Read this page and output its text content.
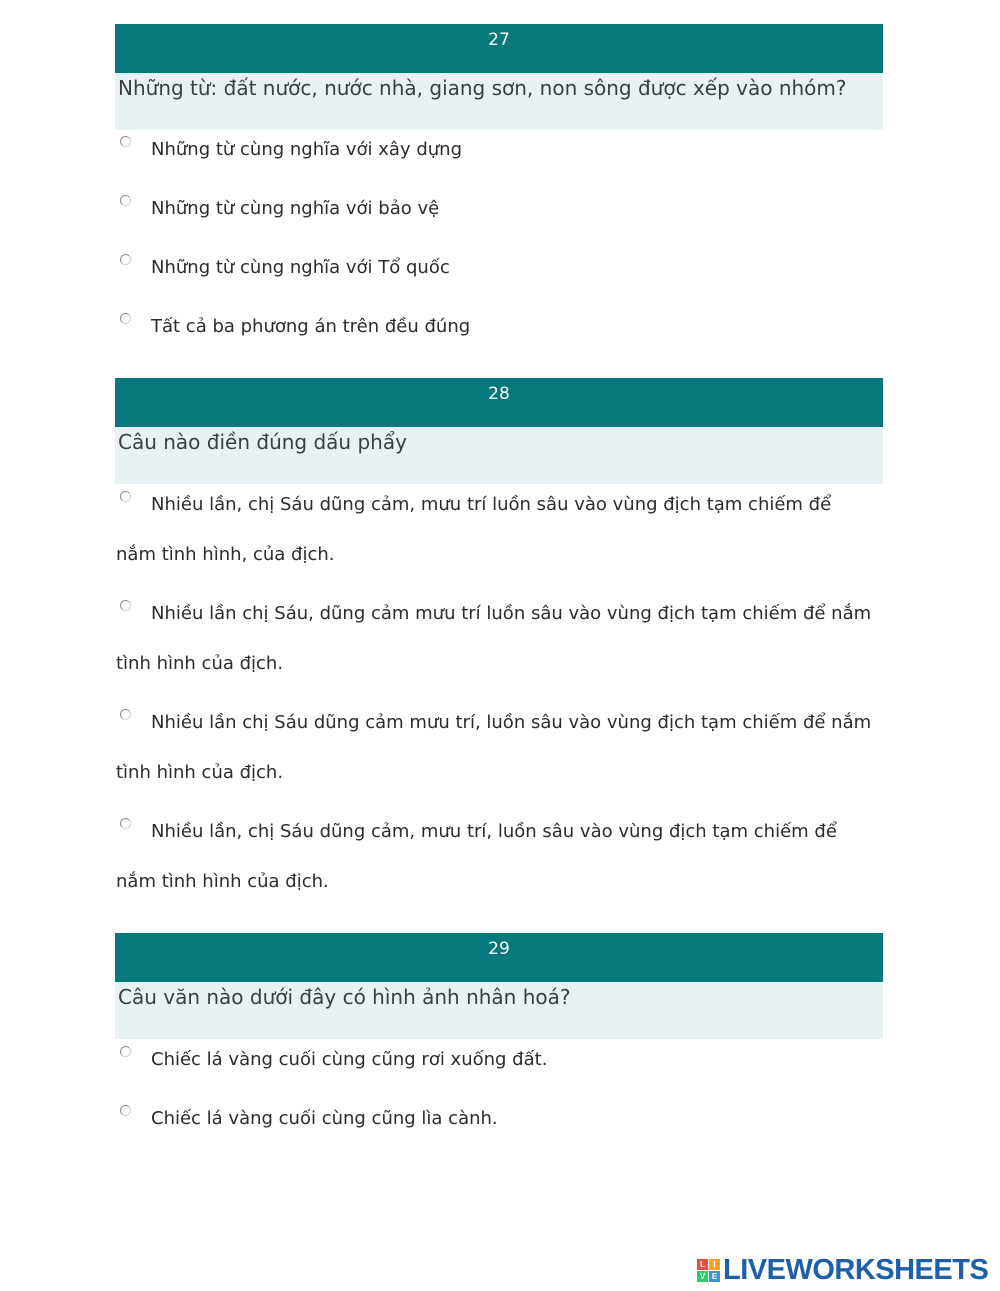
27
Những từ: đất nước, nước nhà, giang sơn, non sông được xếp vào nhóm?
Những từ cùng nghĩa với xây dựng
Những từ cùng nghĩa với bảo vệ
Những từ cùng nghĩa với Tổ quốc
Tất cả ba phương án trên đều đúng
28
Câu nào điền đúng dấu phẩy
Nhiều lần, chị Sáu dũng cảm, mưu trí luồn sâu vào vùng địch tạm chiếm để nắm tình hình, của địch.
Nhiều lần chị Sáu, dũng cảm mưu trí luồn sâu vào vùng địch tạm chiếm để nắm tình hình của địch.
Nhiều lần chị Sáu dũng cảm mưu trí, luồn sâu vào vùng địch tạm chiếm để nắm tình hình của địch.
Nhiều lần, chị Sáu dũng cảm, mưu trí, luồn sâu vào vùng địch tạm chiếm để nắm tình hình của địch.
29
Câu văn nào dưới đây có hình ảnh nhân hoá?
Chiếc lá vàng cuối cùng cũng rơi xuống đất.
Chiếc lá vàng cuối cùng cũng lìa cành.
L	I
V E LIVEWORKSHEETS
